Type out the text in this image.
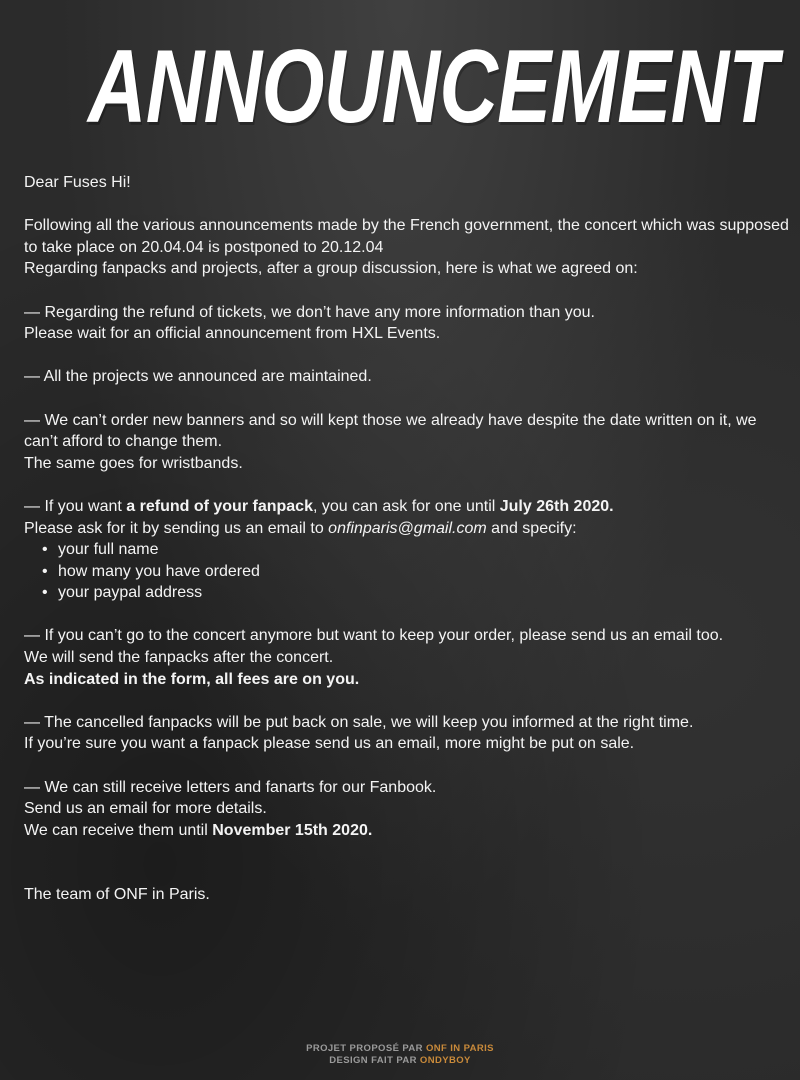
ANNOUNCEMENT

Dear Fuses Hi!

Following all the various announcements made by the French government, the concert which was supposed to take place on 20.04.04 is postponed to 20.12.04

Regarding fanpacks and projects, after a group discussion, here is what we agreed on:

— Regarding the refund of tickets, we don’t have any more information than you.

Please wait for an official announcement from HXL Events.

— All the projects we announced are maintained.

— We can’t order new banners and so will kept those we already have despite the date written on it, we can’t afford to change them.

The same goes for wristbands.

— If you want a refund of your fanpack, you can ask for one until July 26th 2020.

Please ask for it by sending us an email to onfinparis@gmail.com and specify:

• your full name
• how many you have ordered
• your paypal address

— If you can’t go to the concert anymore but want to keep your order, please send us an email too.

We will send the fanpacks after the concert.

As indicated in the form, all fees are on you.

— The cancelled fanpacks will be put back on sale, we will keep you informed at the right time.

If you’re sure you want a fanpack please send us an email, more might be put on sale.

— We can still receive letters and fanarts for our Fanbook.

Send us an email for more details.

We can receive them until November 15th 2020.

The team of ONF in Paris.

PROJET PROPOSÉ PAR ONF IN PARIS
DESIGN FAIT PAR ONDYBOY
